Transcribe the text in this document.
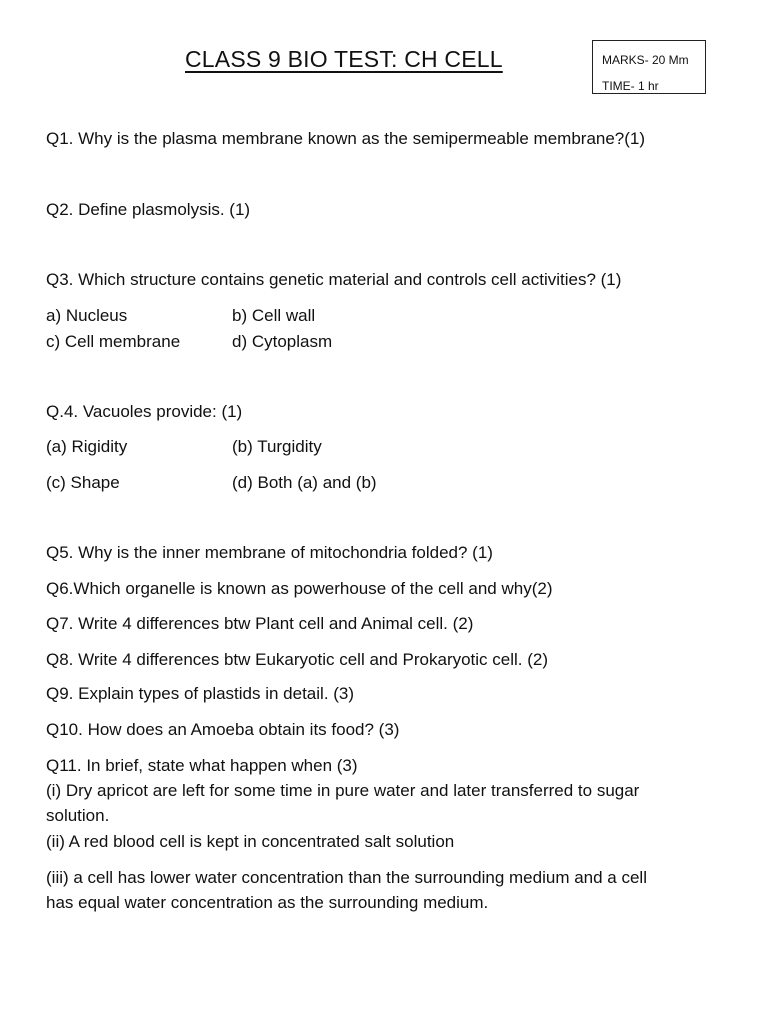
CLASS 9 BIO TEST: CH CELL	MARKS- 20 Mm
TIME- 1 hr
Q1. Why is the plasma membrane known as the semipermeable membrane?(1)
Q2. Define plasmolysis. (1)
Q3. Which structure contains genetic material and controls cell activities? (1)
a) Nucleus	b) Cell wall
c) Cell membrane	d) Cytoplasm
Q.4. Vacuoles provide: (1)
(a) Rigidity	(b) Turgidity
(c) Shape	(d) Both (a) and (b)
Q5. Why is the inner membrane of mitochondria folded? (1)
Q6.Which organelle is known as powerhouse of the cell and why(2)
Q7. Write 4 differences btw Plant cell and Animal cell. (2)
Q8. Write 4 differences btw Eukaryotic cell and Prokaryotic cell. (2)
Q9. Explain types of plastids in detail. (3)
Q10. How does an Amoeba obtain its food? (3)
Q11. In brief, state what happen when (3)
(i) Dry apricot are left for some time in pure water and later transferred to sugar
solution.
(ii) A red blood cell is kept in concentrated salt solution
(iii) a cell has lower water concentration than the surrounding medium and a cell
has equal water concentration as the surrounding medium.
